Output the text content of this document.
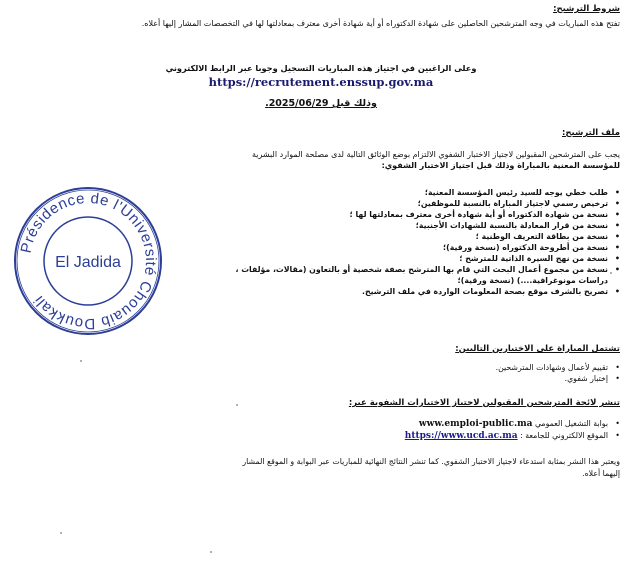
شروط الترشيح:
تفتح هذه المباريات في وجه المترشحين الحاصلين على شهادة الدكتوراه أو أية شهادة أخرى معترف بمعادلتها لها في التخصصات المشار إليها أعلاه.
وعلى الراغبين في اجتياز هذه المباريات التسجيل وجوبا عبر الرابط الالكتروني
https://recrutement.enssup.gov.ma
وذلك قبل 2025/06/29.
ملف الترشيح:
يجب على المترشحين المقبولين لاجتياز الاختبار الشفوي الالتزام بوضع الوثائق التالية لدى مصلحة الموارد البشرية
للمؤسسة المعنية بالمباراة وذلك قبل اجتياز الاختبار الشفوي:
• طلب خطي يوجه للسيد رئيس المؤسسة المعنية؛
• ترخيص رسمي لاجتياز المباراة بالنسبة للموظفين؛
• نسخة من شهادة الدكتوراه أو أية شهادة أخرى معترف بمعادلتها لها ؛
• نسخة من قرار المعادلة بالنسبة للشهادات الأجنبية؛
• نسخة من بطاقة التعريف الوطنية ؛
• نسخة من أطروحة الدكتوراه (نسخة ورقية)؛
• نسخة من نهج السيرة الذاتية للمترشح ؛
• نسخة من مجموع أعمال البحث التي قام بها المترشح بصفة شخصية أو بالتعاون (مقالات، مؤلفات ، دراسات مونوغرافية....) (نسخة ورقية)؛
• تصريح بالشرف موقع بصحة المعلومات الواردة في ملف الترشيح.
تشتمل المباراة على الاختبارين التاليين:
• تقييم لأعمال وشهادات المترشحين.
• إختبار شفوي.
تنشر لائحة المترشحين المقبولين لاجتياز الاختبارات الشفوية عبر:
• بوابة التشغيل العمومي www.emploi-public.ma
• الموقع الالكتروني للجامعة : https://www.ucd.ac.ma
ويعتبر هذا النشر بمثابة استدعاء لاجتياز الاختبار الشفوي. كما تنشر النتائج النهائية للمباريات عبر البوابة و الموقع المشار
إليهما أعلاه.
Présidence de l'Université Chouaib Doukkali
El Jadida
